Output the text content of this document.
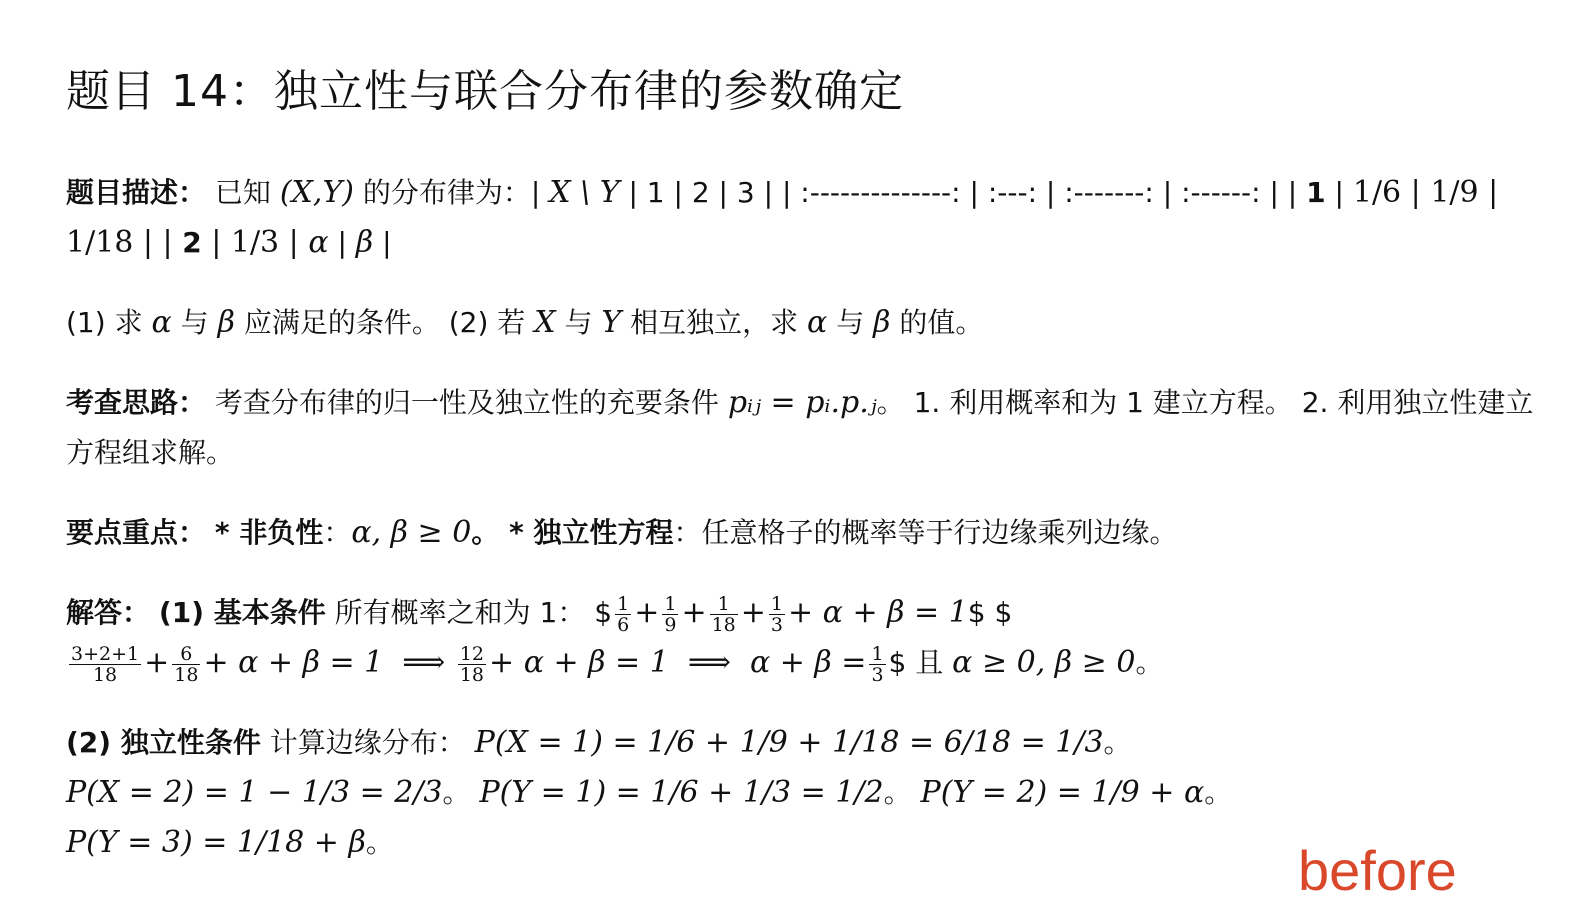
题目 14：独立性与联合分布律的参数确定

题目描述： 已知 (X,Y) 的分布律为：| X \ Y | 1 | 2 | 3 | | :--------------: | :---: | :-------: | :------: | | 1 | 1/6 | 1/9 | 1/18 | | 2 | 1/3 | α | β |

(1) 求 α 与 β 应满足的条件。 (2) 若 X 与 Y 相互独立，求 α 与 β 的值。

考查思路： 考查分布律的归一性及独立性的充要条件 pᵢⱼ = pᵢ.p.ⱼ。 1. 利用概率和为 1 建立方程。 2. 利用独立性建立方程组求解。

要点重点： * 非负性：α, β ≥ 0。 * 独立性方程：任意格子的概率等于行边缘乘列边缘。

解答： (1) 基本条件 所有概率之和为 1： $ $\frac{1}{6} + \frac{1}{9} + \frac{1}{18} + \frac{1}{3} + \alpha + \beta$ = 1$ $

$\frac{3+2+1}{18} + \frac{6}{18} + \alpha + \beta = 1$  ⟹ $\frac{12}{18} + \alpha + \beta = 1$  ⟹  $\alpha + \beta = \frac{1}{3}$ $ 且 α ≥ 0, β ≥ 0。

(2) 独立性条件 计算边缘分布： P(X = 1) = 1/6 + 1/9 + 1/18 = 6/18 = 1/3。
P(X = 2) = 1 − 1/3 = 2/3。 P(Y = 1) = 1/6 + 1/3 = 1/2。 P(Y = 2) = 1/9 + α。
P(Y = 3) = 1/18 + β。	before
